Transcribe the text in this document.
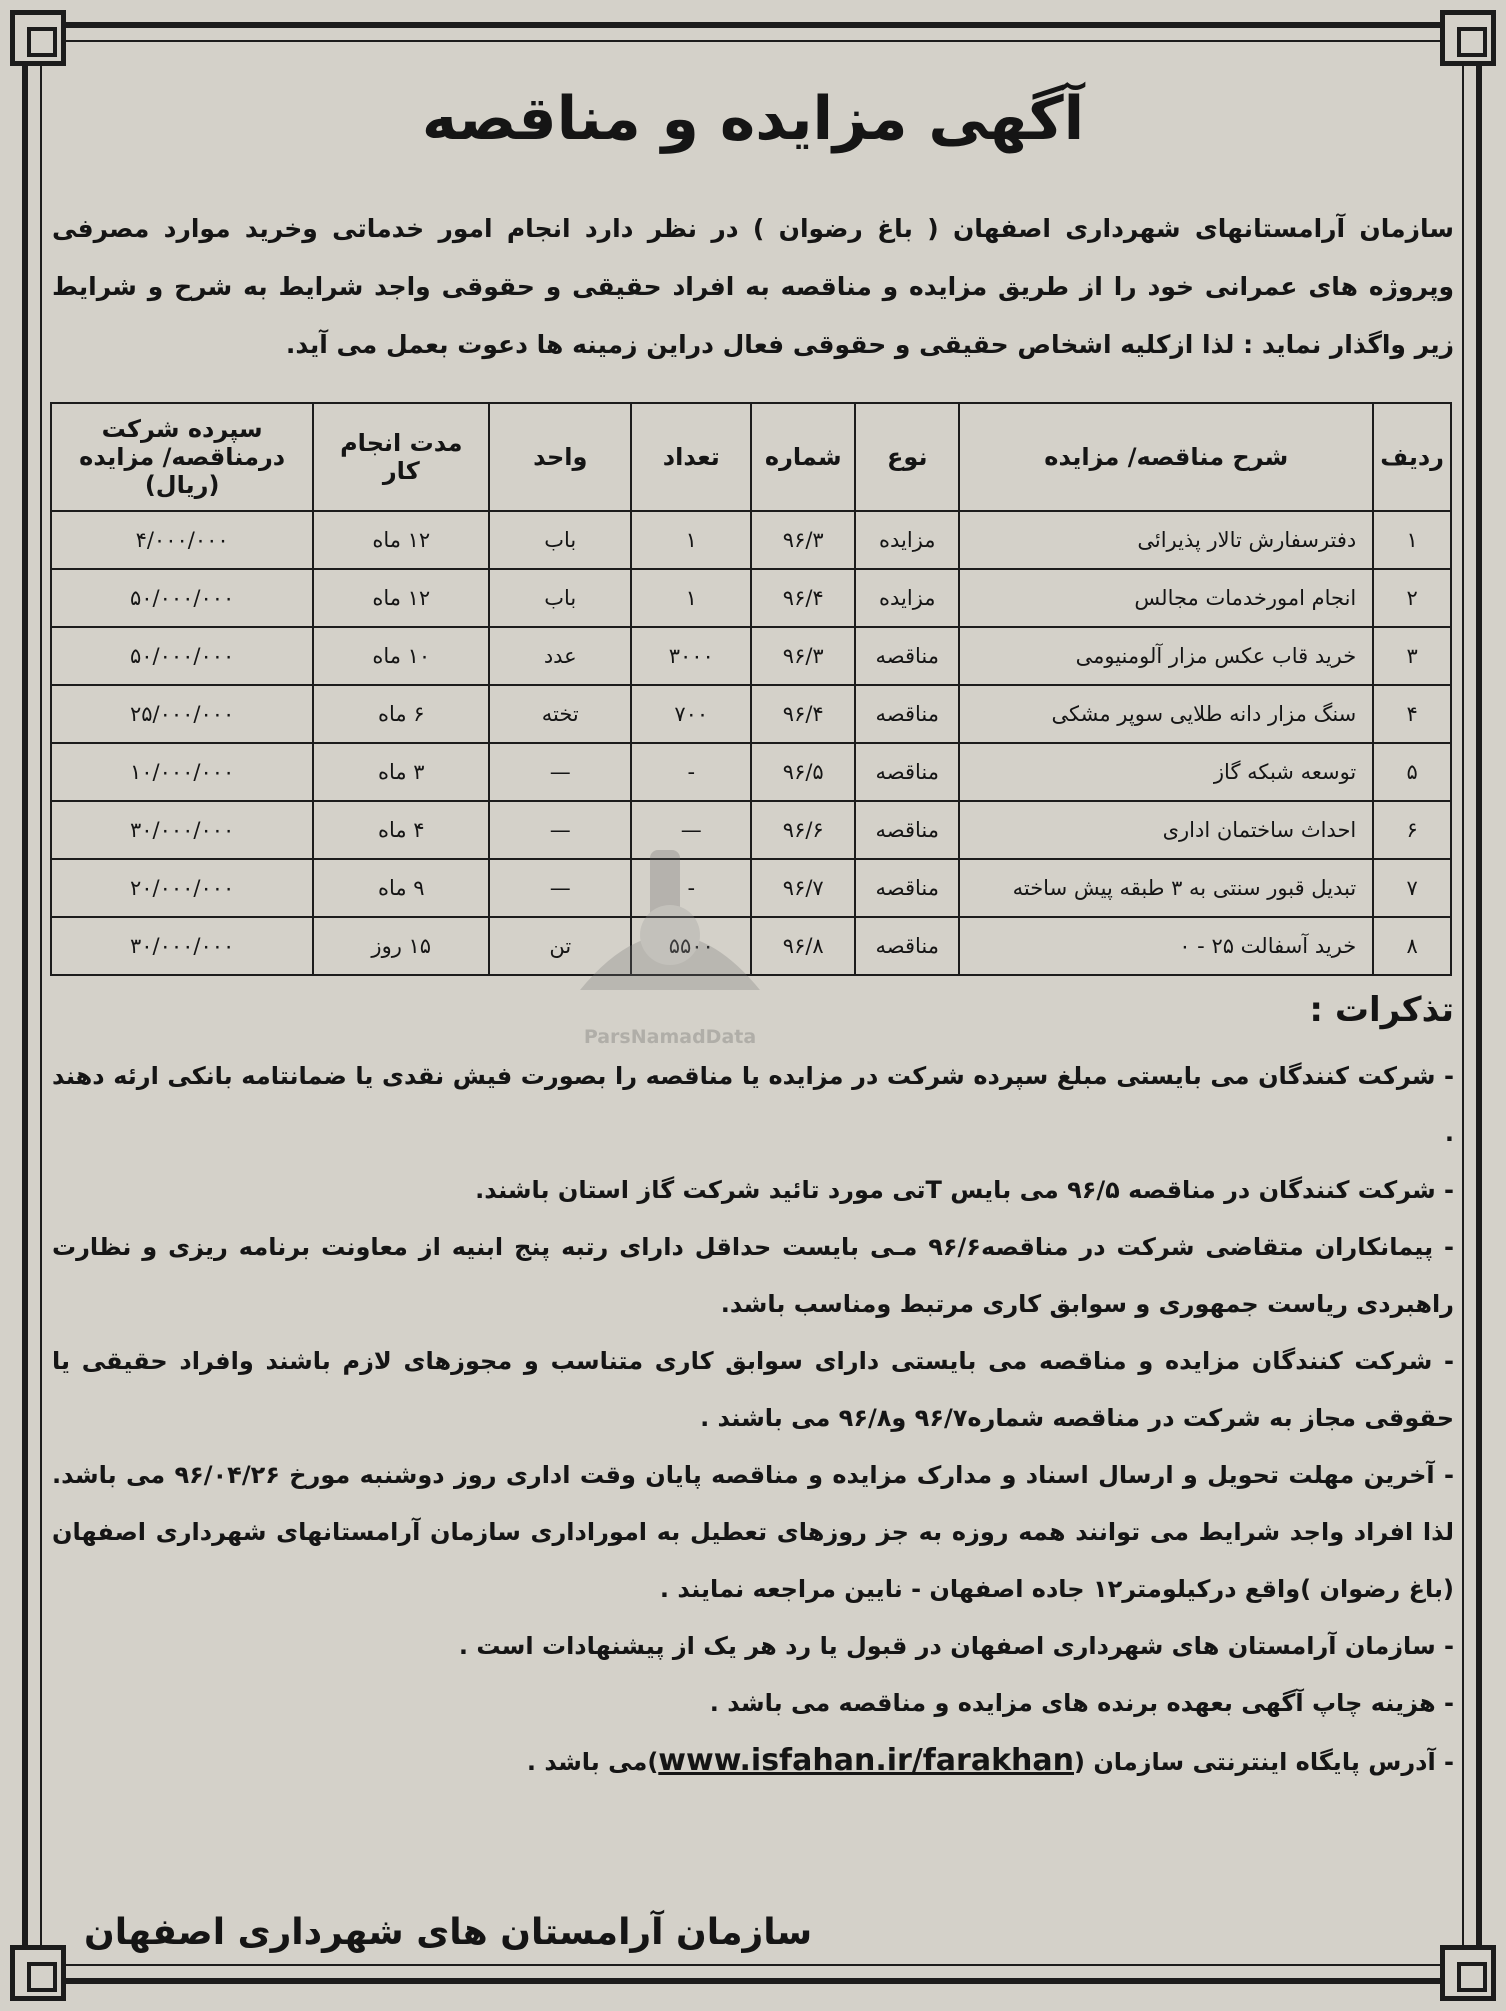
آگهی مزایده و مناقصه

سازمان آرامستانهای شهرداری اصفهان ( باغ رضوان ) در نظر دارد انجام امور خدماتی وخرید موارد مصرفی وپروژه های عمرانی خود را از طریق مزایده و مناقصه به افراد حقیقی و حقوقی واجد شرایط به شرح و شرایط زیر واگذار نماید : لذا ازکلیه اشخاص حقیقی و حقوقی فعال دراین زمینه ها دعوت بعمل می آید.

ردیف	شرح مناقصه/ مزایده	نوع	شماره	تعداد	واحد	مدت انجام کار	سپرده شرکت درمناقصه/ مزایده (ریال)
۱	دفترسفارش تالار پذیرائی	مزایده	۹۶/۳	۱	باب	۱۲ ماه	۴/۰۰۰/۰۰۰
۲	انجام امورخدمات مجالس	مزایده	۹۶/۴	۱	باب	۱۲ ماه	۵۰/۰۰۰/۰۰۰
۳	خرید قاب عکس مزار آلومنیومی	مناقصه	۹۶/۳	۳۰۰۰	عدد	۱۰ ماه	۵۰/۰۰۰/۰۰۰
۴	سنگ مزار دانه طلایی سوپر مشکی	مناقصه	۹۶/۴	۷۰۰	تخته	۶ ماه	۲۵/۰۰۰/۰۰۰
۵	توسعه شبکه گاز	مناقصه	۹۶/۵	-	—	۳ ماه	۱۰/۰۰۰/۰۰۰
۶	احداث ساختمان اداری	مناقصه	۹۶/۶	—	—	۴ ماه	۳۰/۰۰۰/۰۰۰
۷	تبدیل قبور سنتی به ۳ طبقه پیش ساخته	مناقصه	۹۶/۷	-	—	۹ ماه	۲۰/۰۰۰/۰۰۰
۸	خرید آسفالت ۲۵ - ۰	مناقصه	۹۶/۸	۵۵۰۰	تن	۱۵ روز	۳۰/۰۰۰/۰۰۰
ParsNamadData
تذکرات :
- شرکت کنندگان می بایستی مبلغ سپرده شرکت در مزایده یا مناقصه را بصورت فیش نقدی یا ضمانتامه بانکی ارئه دهند .
- شرکت کنندگان در مناقصه ۹۶/۵ می بایس Tتی مورد تائید شرکت گاز استان باشند.
- پیمانکاران متقاضی شرکت در مناقصه۹۶/۶ مـی بایست حداقل دارای رتبه پنج ابنیه از معاونت برنامه ریزی و نظارت راهبردی ریاست جمهوری و سوابق کاری مرتبط ومناسب باشد.
- شرکت کنندگان مزایده و مناقصه می بایستی دارای سوابق کاری متناسب و مجوزهای لازم باشند وافراد حقیقی یا حقوقی مجاز به شرکت در مناقصه شماره۹۶/۷ و۹۶/۸ می باشند .
- آخرین مهلت تحویل و ارسال اسناد و مدارک مزایده و مناقصه پایان وقت اداری روز دوشنبه مورخ ۹۶/۰۴/۲۶ می باشد. لذا افراد واجد شرایط می توانند همه روزه به جز روزهای تعطیل به اموراداری سازمان آرامستانهای شهرداری اصفهان (باغ رضوان )واقع درکیلومتر۱۲ جاده اصفهان - نایین مراجعه نمایند .
- سازمان آرامستان های شهرداری اصفهان در قبول یا رد هر یک از پیشنهادات است .
- هزینه چاپ آگهی بعهده برنده های مزایده و مناقصه می باشد .
- آدرس پایگاه اینترنتی سازمان (www.isfahan.ir/farakhan)می باشد .
سازمان آرامستان های شهرداری اصفهان
